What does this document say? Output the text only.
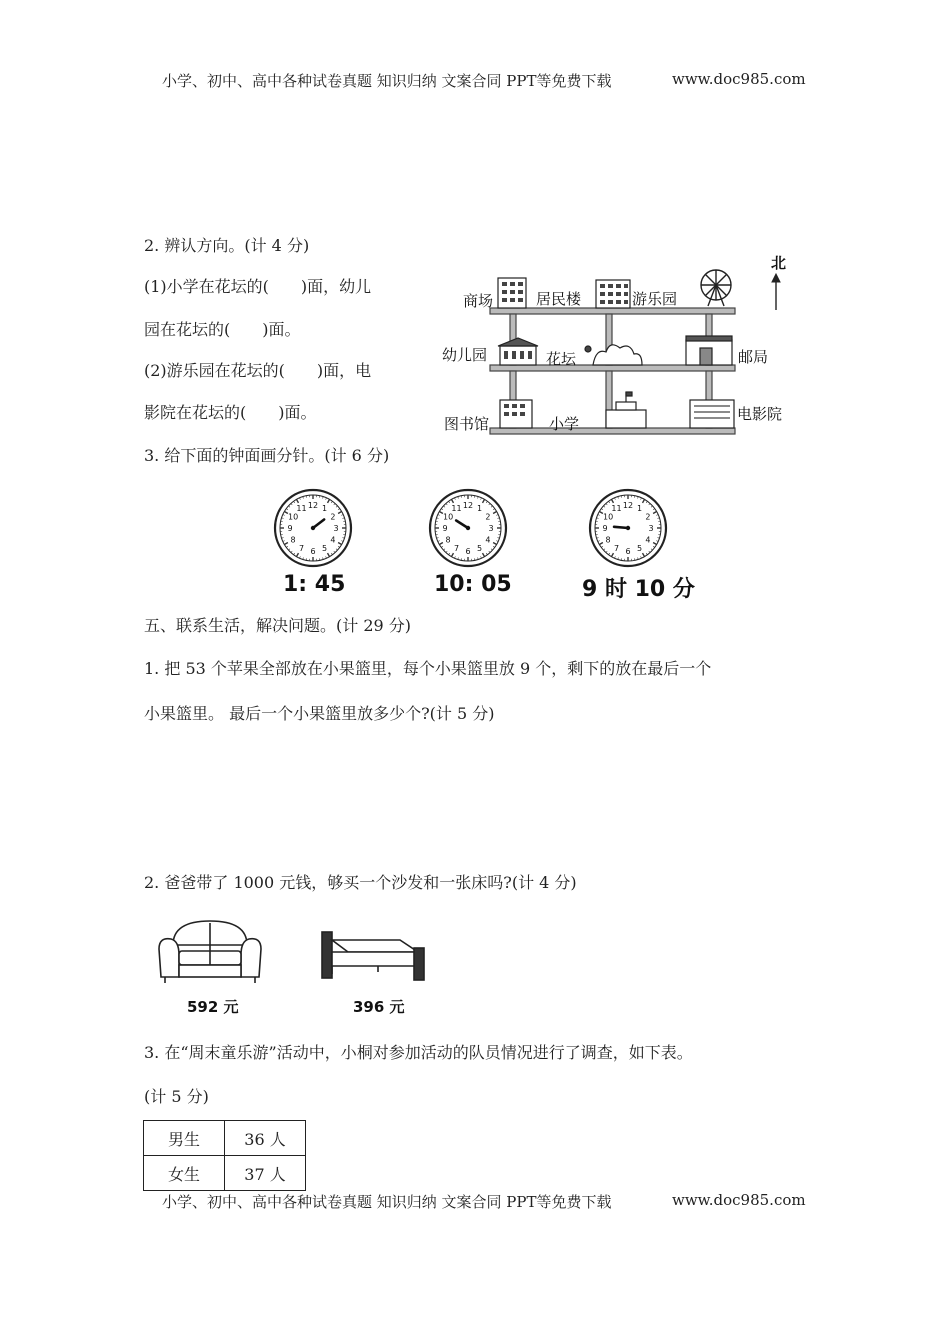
小学、初中、高中各种试卷真题 知识归纳 文案合同 PPT等免费下载	www.doc985.com
2. 辨认方向。(计 4 分)
(1)小学在花坛的(　　)面，幼儿
园在花坛的(　　)面。
(2)游乐园在花坛的(　　)面，电
影院在花坛的(　　)面。
北
商场	居民楼	游乐园
幼儿园	花坛	邮局
图书馆	小学
电影院
3. 给下面的钟面画分针。(计 6 分)
1
2
3
4
5
6
7
8
9
10
11 12	1
2
3
4
5
6
7
8
9
10
11 12	1
2
3
4
5
6
7
8
9
10
11 12
1: 45	10: 05	9 时 10 分
五、联系生活，解决问题。(计 29 分)
1. 把 53 个苹果全部放在小果篮里，每个小果篮里放 9 个，剩下的放在最后一个
小果篮里。 最后一个小果篮里放多少个?(计 5 分)
2. 爸爸带了 1000 元钱，够买一个沙发和一张床吗?(计 4 分)
592 元	396 元
3. 在“周末童乐游”活动中，小桐对参加活动的队员情况进行了调查，如下表。
(计 5 分)
男生	36 人
女生	37 人
小学、初中、高中各种试卷真题 知识归纳 文案合同 PPT等免费下载	www.doc985.com
